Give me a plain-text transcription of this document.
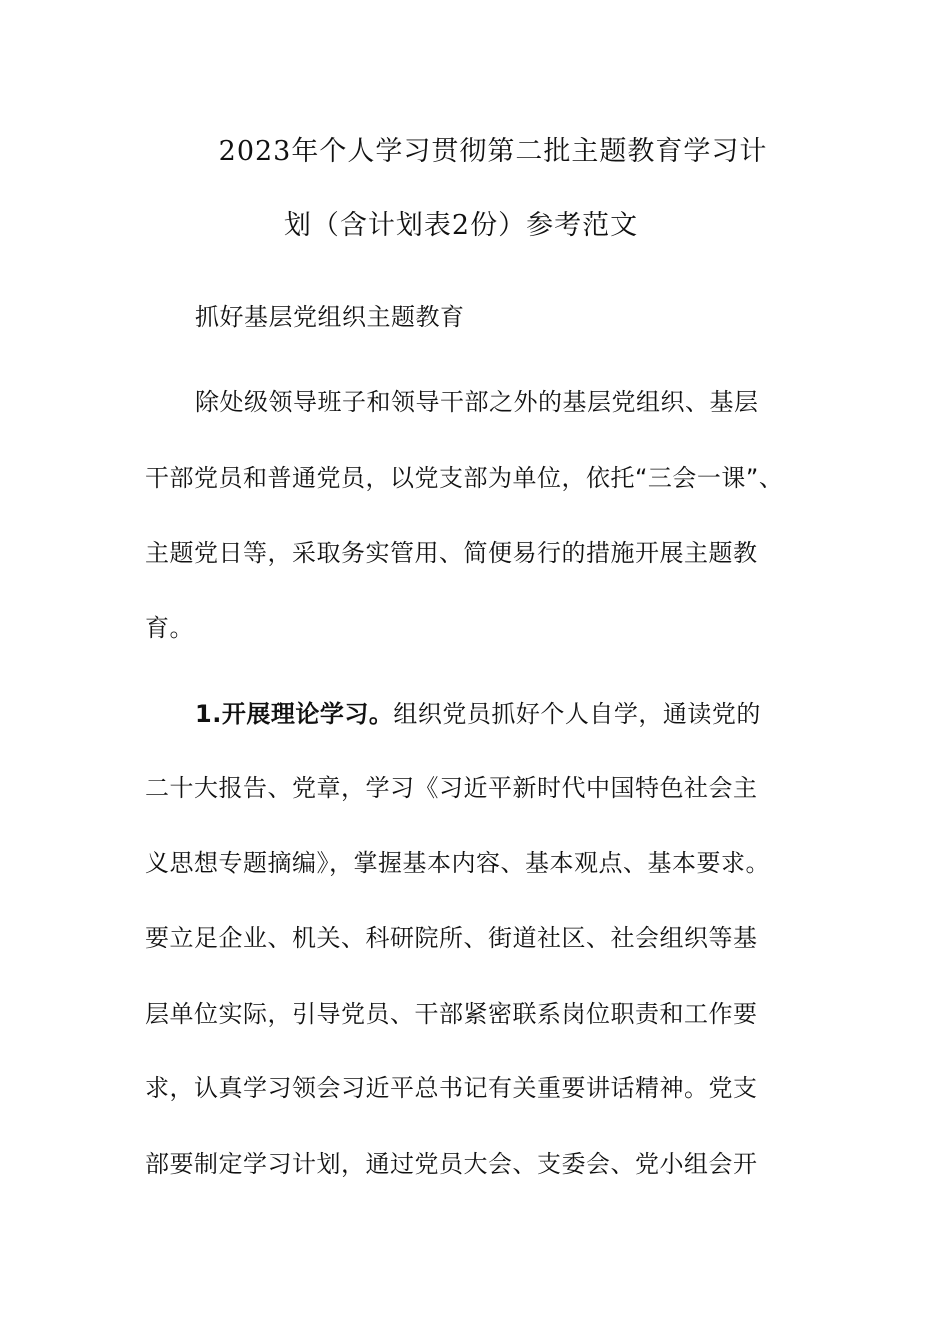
2023年个人学习贯彻第二批主题教育学习计
划（含计划表2份）参考范文
抓好基层党组织主题教育
除处级领导班子和领导干部之外的基层党组织、基层
干部党员和普通党员，以党支部为单位，依托“三会一课”、
主题党日等，采取务实管用、简便易行的措施开展主题教
育。
1.开展理论学习。组织党员抓好个人自学，通读党的
二十大报告、党章，学习《习近平新时代中国特色社会主
义思想专题摘编》，掌握基本内容、基本观点、基本要求。
要立足企业、机关、科研院所、街道社区、社会组织等基
层单位实际，引导党员、干部紧密联系岗位职责和工作要
求，认真学习领会习近平总书记有关重要讲话精神。党支
部要制定学习计划，通过党员大会、支委会、党小组会开
